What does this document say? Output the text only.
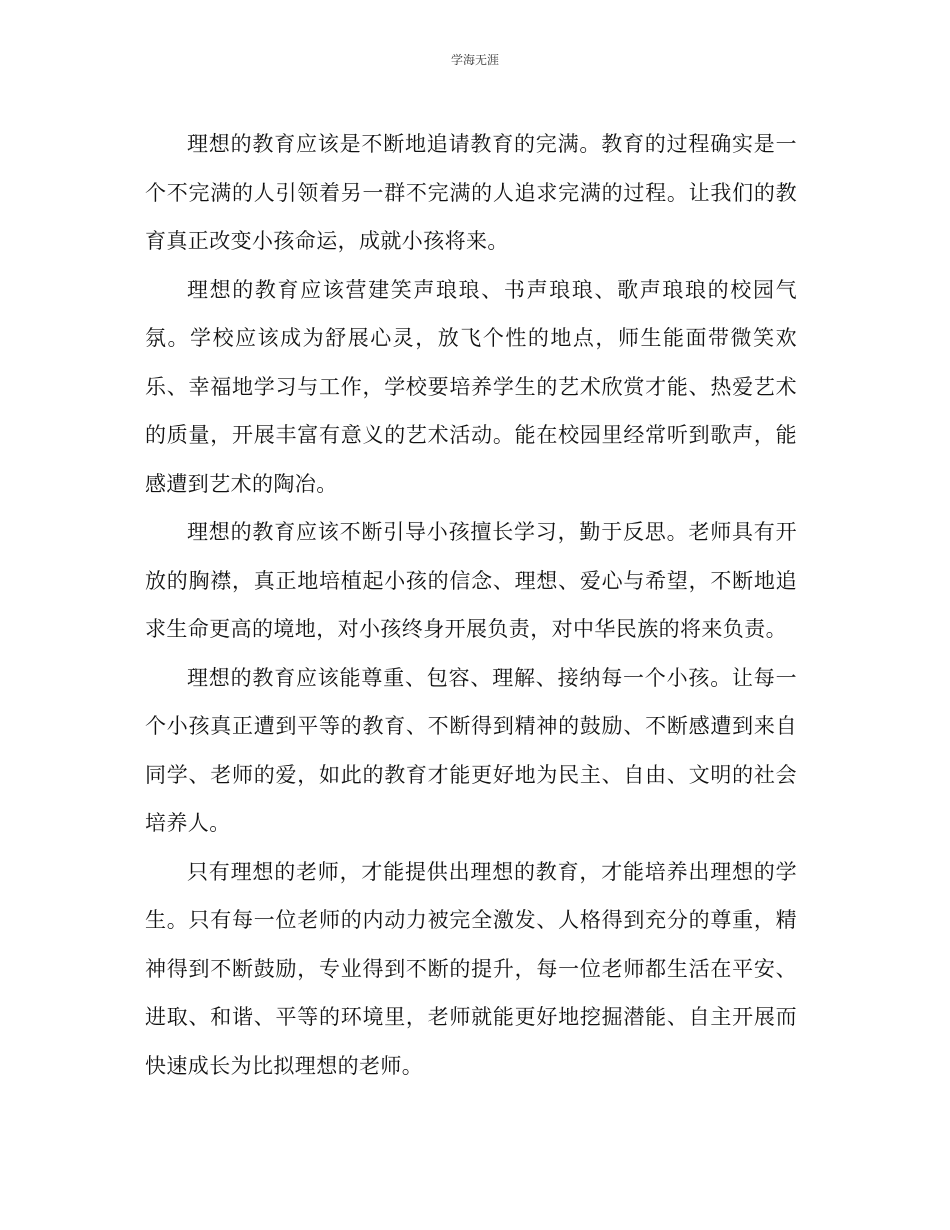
学海无涯

理想的教育应该是不断地追请教育的完满。教育的过程确实是一个不完满的人引领着另一群不完满的人追求完满的过程。让我们的教育真正改变小孩命运，成就小孩将来。

理想的教育应该营建笑声琅琅、书声琅琅、歌声琅琅的校园气氛。学校应该成为舒展心灵，放飞个性的地点，师生能面带微笑欢乐、幸福地学习与工作，学校要培养学生的艺术欣赏才能、热爱艺术的质量，开展丰富有意义的艺术活动。能在校园里经常听到歌声，能感遭到艺术的陶冶。

理想的教育应该不断引导小孩擅长学习，勤于反思。老师具有开放的胸襟，真正地培植起小孩的信念、理想、爱心与希望，不断地追求生命更高的境地，对小孩终身开展负责，对中华民族的将来负责。

理想的教育应该能尊重、包容、理解、接纳每一个小孩。让每一个小孩真正遭到平等的教育、不断得到精神的鼓励、不断感遭到来自同学、老师的爱，如此的教育才能更好地为民主、自由、文明的社会培养人。

只有理想的老师，才能提供出理想的教育，才能培养出理想的学生。只有每一位老师的内动力被完全激发、人格得到充分的尊重，精神得到不断鼓励，专业得到不断的提升，每一位老师都生活在平安、进取、和谐、平等的环境里，老师就能更好地挖掘潜能、自主开展而快速成长为比拟理想的老师。
